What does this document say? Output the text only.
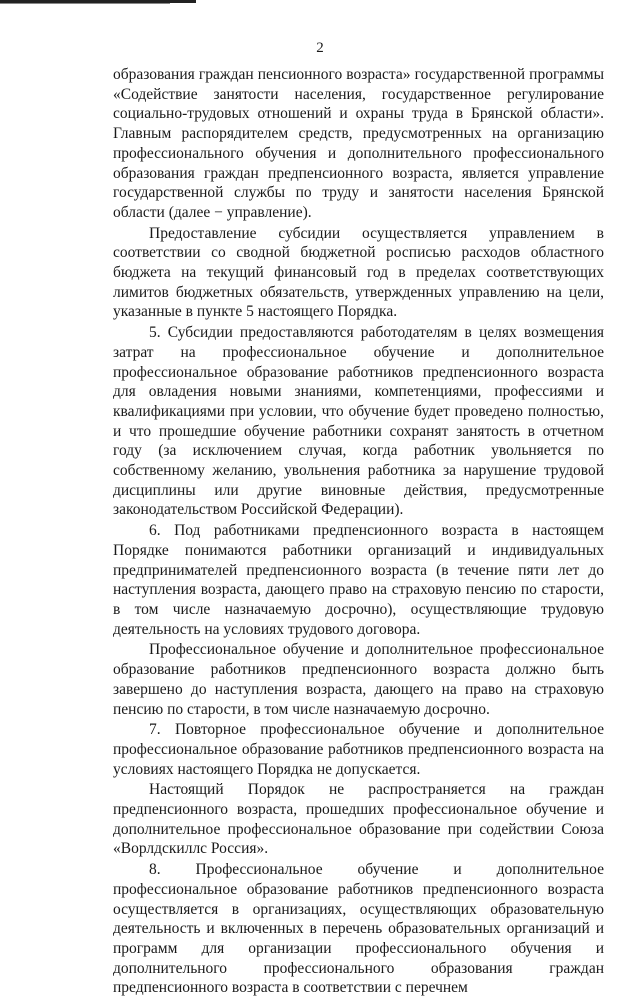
2

образования граждан пенсионного возраста» государственной программы «Содействие занятости населения, государственное регулирование социально-трудовых отношений и охраны труда в Брянской области». Главным распорядителем средств, предусмотренных на организацию профессионального обучения и дополнительного профессионального образования граждан предпенсионного возраста, является управление государственной службы по труду и занятости населения Брянской области (далее − управление).

Предоставление субсидии осуществляется управлением в соответствии со сводной бюджетной росписью расходов областного бюджета на текущий финансовый год в пределах соответствующих лимитов бюджетных обязательств, утвержденных управлению на цели, указанные в пункте 5 настоящего Порядка.

5. Субсидии предоставляются работодателям в целях возмещения затрат на профессиональное обучение и дополнительное профессиональное образование работников предпенсионного возраста для овладения новыми знаниями, компетенциями, профессиями и квалификациями при условии, что обучение будет проведено полностью, и что прошедшие обучение работники сохранят занятость в отчетном году (за исключением случая, когда работник увольняется по собственному желанию, увольнения работника за нарушение трудовой дисциплины или другие виновные действия, предусмотренные законодательством Российской Федерации).

6. Под работниками предпенсионного возраста в настоящем Порядке понимаются работники организаций и индивидуальных предпринимателей предпенсионного возраста (в течение пяти лет до наступления возраста, дающего право на страховую пенсию по старости, в том числе назначаемую досрочно), осуществляющие трудовую деятельность на условиях трудового договора.

Профессиональное обучение и дополнительное профессиональное образование работников предпенсионного возраста должно быть завершено до наступления возраста, дающего на право на страховую пенсию по старости, в том числе назначаемую досрочно.

7. Повторное профессиональное обучение и дополнительное профессиональное образование работников предпенсионного возраста на условиях настоящего Порядка не допускается.

Настоящий Порядок не распространяется на граждан предпенсионного возраста, прошедших профессиональное обучение и дополнительное профессиональное образование при содействии Союза «Ворлдскиллс Россия».

8. Профессиональное обучение и дополнительное профессиональное образование работников предпенсионного возраста осуществляется в организациях, осуществляющих образовательную деятельность и включенных в перечень образовательных организаций и программ для организации профессионального обучения и дополнительного профессионального образования граждан предпенсионного возраста в соответствии с перечнем
